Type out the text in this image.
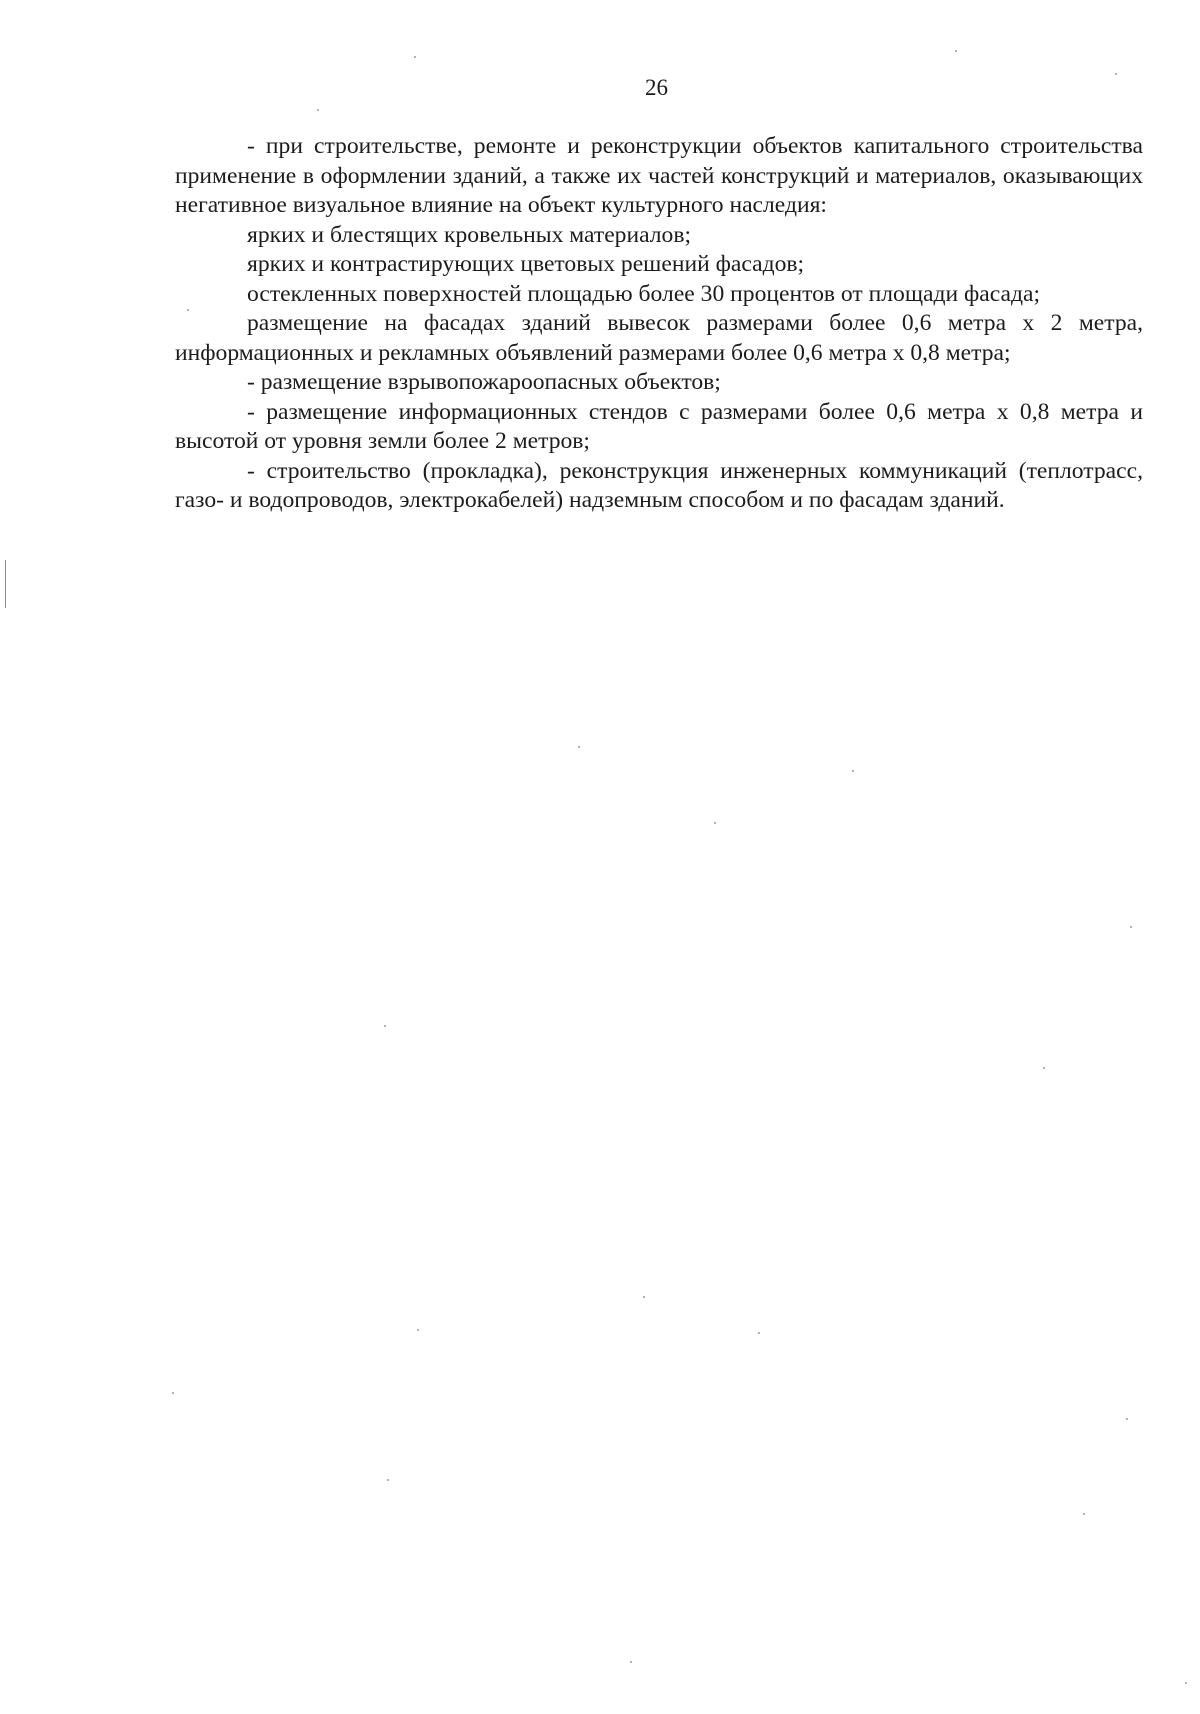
26

- при строительстве, ремонте и реконструкции объектов капитального строительства применение в оформлении зданий, а также их частей конструкций и материалов, оказывающих негативное визуальное влияние на объект культурного наследия:

ярких и блестящих кровельных материалов;

ярких и контрастирующих цветовых решений фасадов;

остекленных поверхностей площадью более 30 процентов от площади фасада;

размещение на фасадах зданий вывесок размерами более 0,6 метра х 2 метра, информационных и рекламных объявлений размерами более 0,6 метра х 0,8 метра;

- размещение взрывопожароопасных объектов;

- размещение информационных стендов с размерами более 0,6 метра х 0,8 метра и высотой от уровня земли более 2 метров;

- строительство (прокладка), реконструкция инженерных коммуникаций (теплотрасс, газо- и водопроводов, электрокабелей) надземным способом и по фасадам зданий.
